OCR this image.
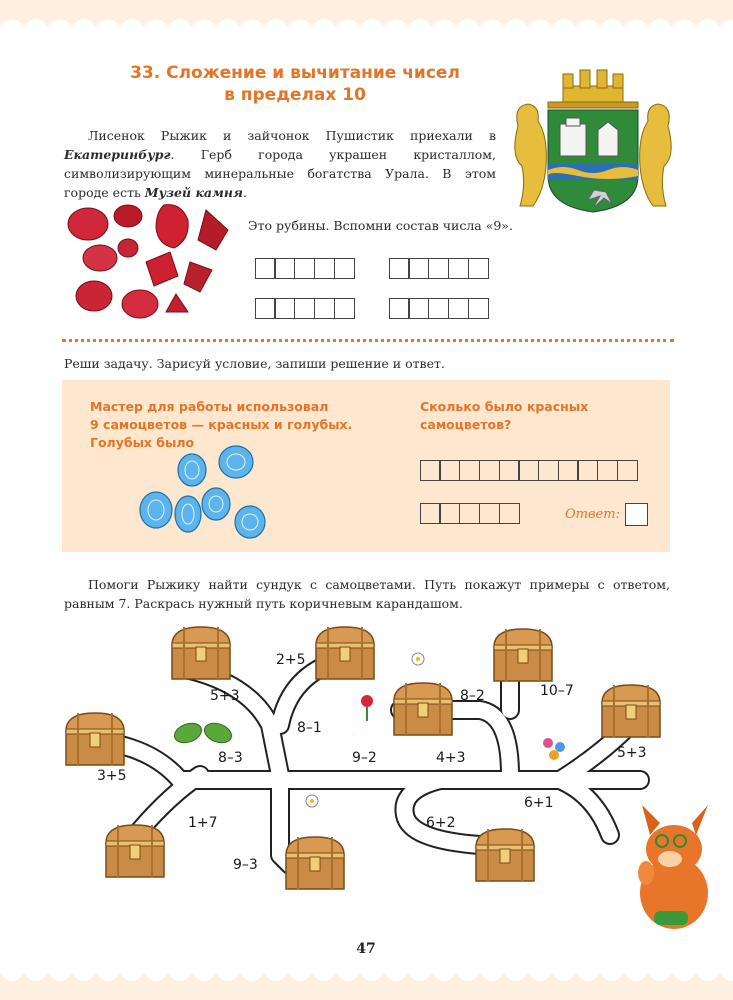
33. Сложение и вычитание чисел
в пределах 10
Лисенок Рыжик и зайчонок Пушистик приехали в Екатеринбург. Герб города украшен кристаллом, символизирующим минеральные богатства Урала. В этом городе есть Музей камня.
Это рубины. Вспомни состав числа «9».
Реши задачу. Зарисуй условие, запиши решение и ответ.
Мастер для работы использовал
9 самоцветов — красных и голубых.
Голубых было
Сколько было красных
самоцветов?
Ответ:
Помоги Рыжику найти сундук с самоцветами. Путь покажут примеры с ответом, равным 7. Раскрась нужный путь коричневым карандашом.
2+5
5+3
8–1
8–2	10–7
8–3
3+5
9–2	4+3	5+3
6+1
1+7	6+2
9–3
47
